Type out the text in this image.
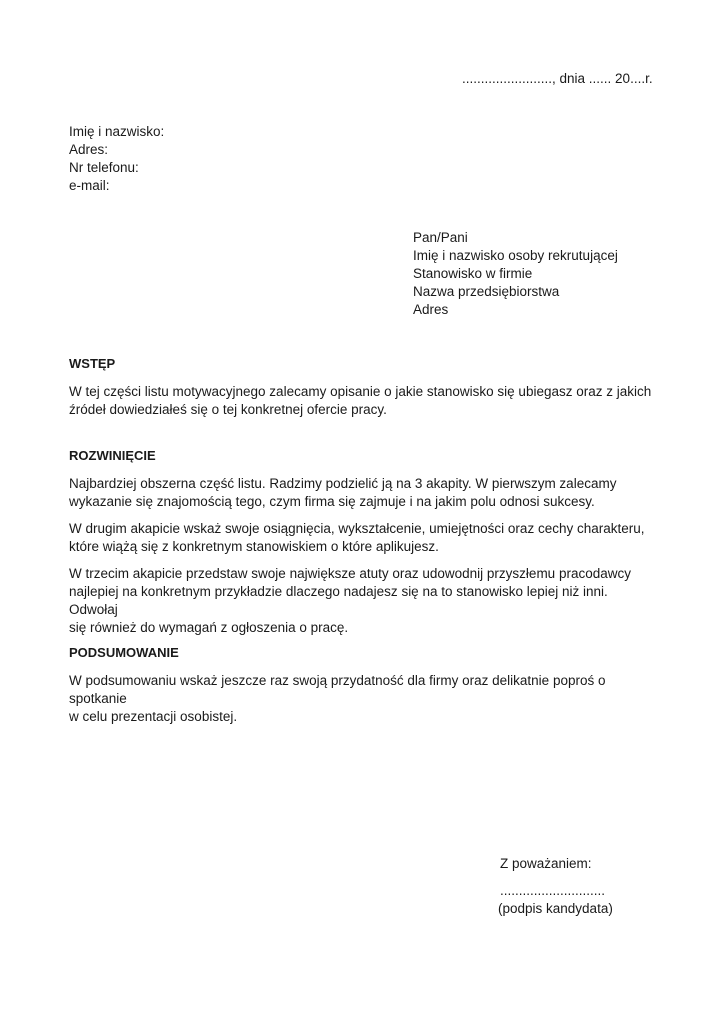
........................, dnia ...... 20....r.
Imię i nazwisko:
Adres:
Nr telefonu:
e-mail:
Pan/Pani
Imię i nazwisko osoby rekrutującej
Stanowisko w firmie
Nazwa przedsiębiorstwa
Adres
WSTĘP
W tej części listu motywacyjnego zalecamy opisanie o jakie stanowisko się ubiegasz oraz z jakich
źródeł dowiedziałeś się o tej konkretnej ofercie pracy.
ROZWINIĘCIE
Najbardziej obszerna część listu. Radzimy podzielić ją na 3 akapity. W pierwszym zalecamy
wykazanie się znajomością tego, czym firma się zajmuje i na jakim polu odnosi sukcesy.
W drugim akapicie wskaż swoje osiągnięcia, wykształcenie, umiejętności oraz cechy charakteru,
które wiążą się z konkretnym stanowiskiem o które aplikujesz.
W trzecim akapicie przedstaw swoje największe atuty oraz udowodnij przyszłemu pracodawcy
najlepiej na konkretnym przykładzie dlaczego nadajesz się na to stanowisko lepiej niż inni. Odwołaj
się również do wymagań z ogłoszenia o pracę.
PODSUMOWANIE
W podsumowaniu wskaż jeszcze raz swoją przydatność dla firmy oraz delikatnie poproś o spotkanie
w celu prezentacji osobistej.
Z poważaniem:
............................
(podpis kandydata)
